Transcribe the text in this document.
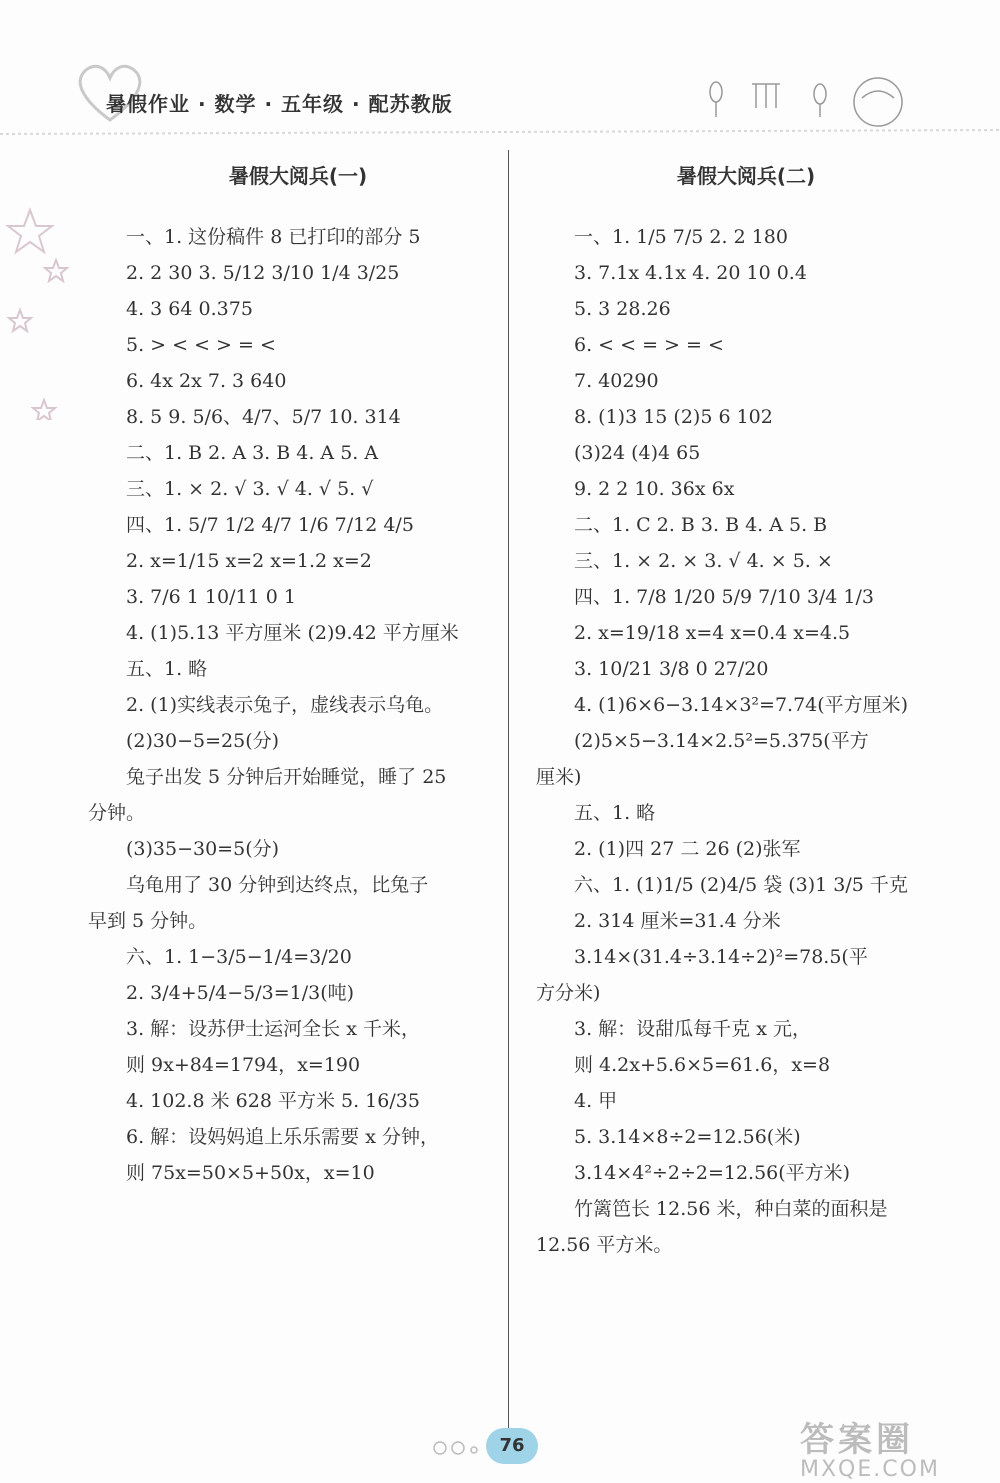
暑假作业 · 数学 · 五年级 · 配苏教版
暑假大阅兵(一)
一、1. 这份稿件 8 已打印的部分 5
2. 2 30 3. 5/12 3/10 1/4 3/25
4. 3 64 0.375
5. > < < > = <
6. 4x 2x 7. 3 640
8. 5 9. 5/6、4/7、5/7 10. 314
二、1. B 2. A 3. B 4. A 5. A
三、1. × 2. √ 3. √ 4. √ 5. √
四、1. 5/7 1/2 4/7 1/6 7/12 4/5
2. x=1/15 x=2 x=1.2 x=2
3. 7/6 1 10/11 0 1
4. (1)5.13 平方厘米 (2)9.42 平方厘米
五、1. 略
2. (1)实线表示兔子，虚线表示乌龟。
(2)30−5=25(分)
兔子出发 5 分钟后开始睡觉，睡了 25
分钟。
(3)35−30=5(分)
乌龟用了 30 分钟到达终点，比兔子
早到 5 分钟。
六、1. 1−3/5−1/4=3/20
2. 3/4+5/4−5/3=1/3(吨)
3. 解：设苏伊士运河全长 x 千米，
则 9x+84=1794，x=190
4. 102.8 米 628 平方米 5. 16/35
6. 解：设妈妈追上乐乐需要 x 分钟，
则 75x=50×5+50x，x=10
暑假大阅兵(二)
一、1. 1/5 7/5 2. 2 180
3. 7.1x 4.1x 4. 20 10 0.4
5. 3 28.26
6. < < = > = <
7. 40290
8. (1)3 15 (2)5 6 102
(3)24 (4)4 65
9. 2 2 10. 36x 6x
二、1. C 2. B 3. B 4. A 5. B
三、1. × 2. × 3. √ 4. × 5. ×
四、1. 7/8 1/20 5/9 7/10 3/4 1/3
2. x=19/18 x=4 x=0.4 x=4.5
3. 10/21 3/8 0 27/20
4. (1)6×6−3.14×3²=7.74(平方厘米)
(2)5×5−3.14×2.5²=5.375(平方
厘米)
五、1. 略
2. (1)四 27 二 26 (2)张军
六、1. (1)1/5 (2)4/5 袋 (3)1 3/5 千克
2. 314 厘米=31.4 分米
3.14×(31.4÷3.14÷2)²=78.5(平
方分米)
3. 解：设甜瓜每千克 x 元，
则 4.2x+5.6×5=61.6，x=8
4. 甲
5. 3.14×8÷2=12.56(米)
3.14×4²÷2÷2=12.56(平方米)
竹篱笆长 12.56 米，种白菜的面积是
12.56 平方米。
76	答案圈
MXQE.COM
